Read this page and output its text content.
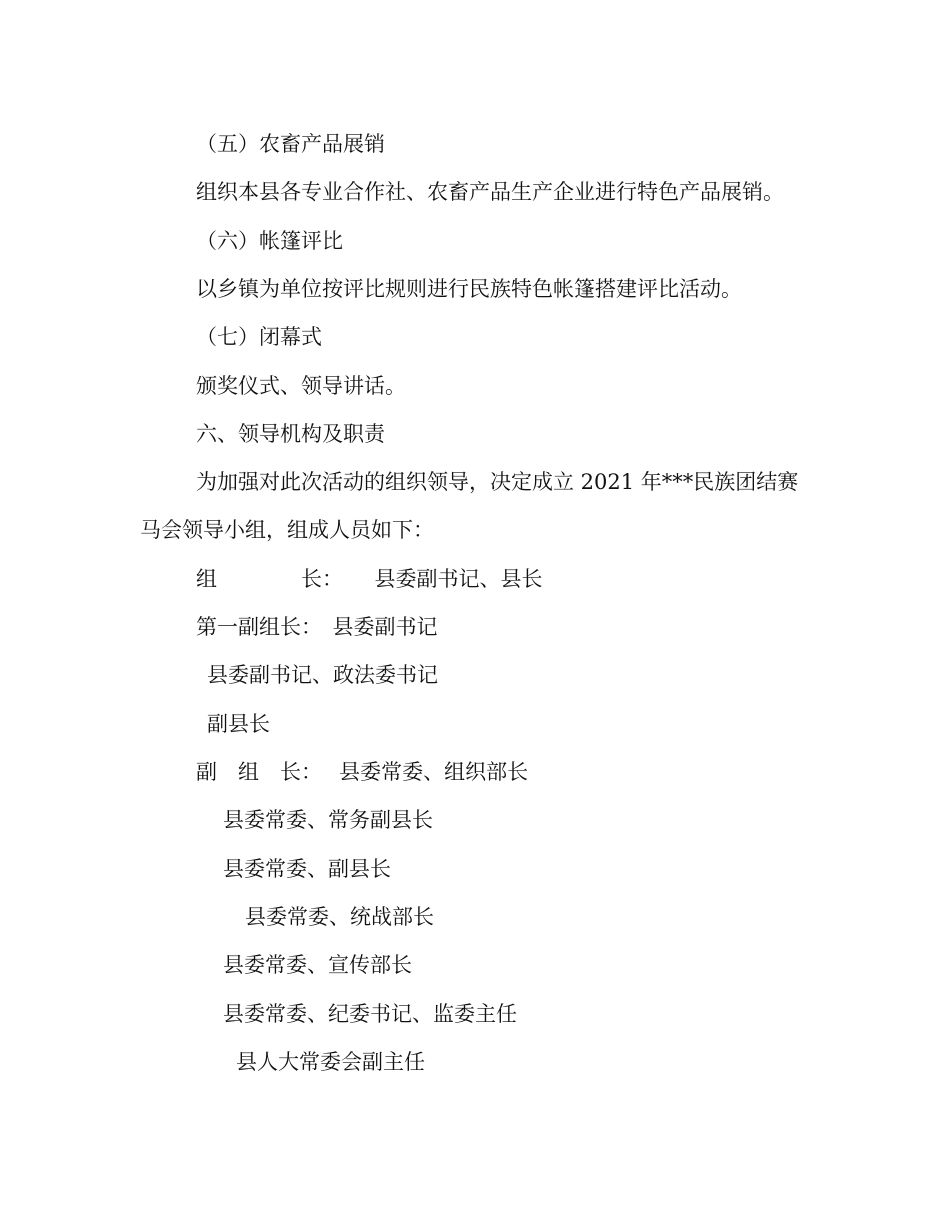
（五）农畜产品展销
组织本县各专业合作社、农畜产品生产企业进行特色产品展销。
（六）帐篷评比
以乡镇为单位按评比规则进行民族特色帐篷搭建评比活动。
（七）闭幕式
颁奖仪式、领导讲话。
六、领导机构及职责
为加强对此次活动的组织领导，决定成立 2021 年***民族团结赛
马会领导小组，组成人员如下：
组　　　　长：　　县委副书记、县长
第一副组长：　县委副书记
县委副书记、政法委书记
副县长
副　组　长：　 县委常委、组织部长
县委常委、常务副县长
县委常委、副县长
县委常委、统战部长
县委常委、宣传部长
县委常委、纪委书记、监委主任
县人大常委会副主任
